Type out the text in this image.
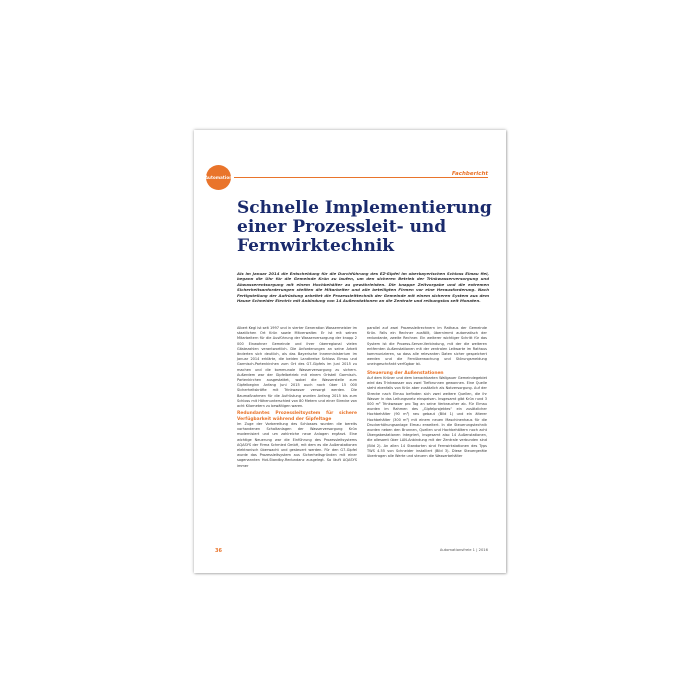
Automation
Fachbericht
Schnelle Implementierung
einer Prozessleit- und
Fernwirktechnik
Als im Januar 2014 die Entscheidung für die Durchführung des EZ-Gipfel im oberbayerischen Schloss Elmau fiel, begann die Uhr für die Gemeinde Krün zu laufen, um den sicheren Betrieb der Trinkwasserversorgung und Abwasserentsorgung mit einem Hochbehälter zu gewährleisten. Die knappe Zeitvorgabe und die extremen Sicherheitsanforderungen stellten die Mitarbeiter und alle beteiligten Firmen vor eine Herausforderung. Nach Fertigstellung der Aufrüstung arbeitet die Prozessleittechnik der Gemeinde mit einem sicheren System aus dem Hause Schneider Electric mit Anbindung von 14 Außenstationen an die Zentrale und reibungslos seit Monaten.

Albert Kegl ist seit 1997 und in vierter Generation Wassermeister im staatlichen Ort Krün sowie Mitverwalter. Er ist mit seinen Mitarbeitern für die Ausführung der Wasserversorgung der knapp 2 000 Einwohner Gemeinde und ihrer überregional vielen Gästezahlen verantwortlich. Die Anforderungen an seine Arbeit änderten sich deutlich, als das Bayerische Innenministerium im Januar 2014 erklärte, die beiden Landkreise Schloss Elmau und Garmisch-Partenkirchen zum Ort des G7-Gipfels im Juni 2015 zu machen und die kommunale Wasserversorgung zu sichern. Außerdem war der Gipfelbetrieb mit einem Ortsteil Garmisch-Partenkirchen ausgestattet, wobei die Wasserstelle zum Gipfelbeginn Anfang Juni 2015 auch noch über 15 000 Sicherheitskräfte mit Trinkwasser versorgt werden. Die Baumaßnahmen für die Aufrüstung wurden Anfang 2015 bis zum Schloss mit Höhenunterschied von 80 Metern und einer Strecke von acht Kilometern zu bewältigen waren.

Redundantes Prozessleitsystem für sichere Verfügbarkeit während der Gipfeltage

Im Zuge der Vorbereitung des Schlosses wurden die bereits vorhandenen Schaltanlagen der Wasserversorgung Krün modernisiert und um zahlreiche neue Anlagen ergänzt. Eine wichtige Neuerung war die Einführung des Prozessleitsystems AQASYS der Firma Schmied GmbH, mit dem es die Außenstationen elektronisch überwacht und gesteuert werden. Für den G7-Gipfel wurde das Prozessleitsystem aus Sicherheitsgründen mit einer sogenannten Hot-Standby-Redundanz ausgelegt. So läuft AQASYS immer

parallel auf zwei Prozessleitrechnern im Rathaus der Gemeinde Krün. Falls ein Rechner ausfällt, übernimmt automatisch der redundante, zweite Rechner. Ein weiterer wichtiger Schritt für das System ist die Prozess-Server-Verbindung, mit der die weiteren entfernten Außenstationen mit der zentralen Leitwarte im Rathaus kommunizieren, so dass alle relevanten Daten sicher gespeichert werden und die Fernüberwachung und Störungsmeldung uneingeschränkt verfügbar ist.

Steuerung der Außenstationen

Auf dem Krüner und dem benachbarten Wallgauer Gemeindegebiet wird das Trinkwasser aus zwei Tiefbrunnen gewonnen. Eine Quelle steht ebenfalls von Krün aber zusätzlich als Notversorgung. Auf der Strecke nach Elmau befinden sich zwei weitere Quellen, die ihr Wasser in das Leitungsnetz einspeisen. Insgesamt gibt Krün rund 3 000 m³ Trinkwasser pro Tag an seine Verbraucher ab. Für Elmau wurden im Rahmen des „Gipfelprojektes“ ein zusätzlicher Hochbehälter (90 m³) neu gebaut (Bild 1) und ein älterer Hochbehälter (300 m³) mit einem neuen Maschinenhaus für die Druckerhöhungsanlage Elmau erweitert. In die Steuerungstechnik wurden neben den Brunnen, Quellen und Hochbehältern noch acht Übergabestationen integriert, insgesamt also 14 Außenstationen, die allesamt über LAN-Anbindung mit der Zentrale verbunden sind (Bild 2). An allen 14 Standorten sind Fernwirkstationen des Typs TWS 4.55 von Schneider installiert (Bild 3). Diese Steuergeräte übertragen alle Werte und steuern die Wasserbehälter

36	Automationsfreie 1 | 2016
